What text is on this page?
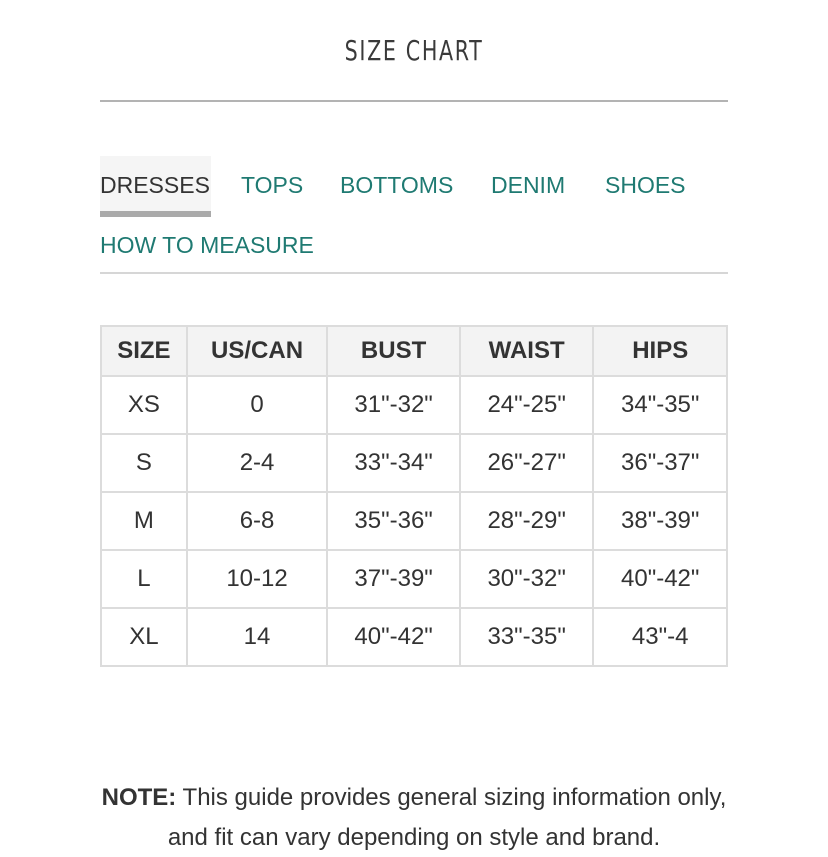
SIZE CHART
DRESSES TOPS BOTTOMS DENIM SHOES
HOW TO MEASURE
SIZE	US/CAN	BUST	WAIST	HIPS
XS	0	31"-32"	24"-25"	34"-35"
S	2-4	33"-34"	26"-27"	36"-37"
M	6-8	35"-36"	28"-29"	38"-39"
L	10-12	37"-39"	30"-32"	40"-42"
XL	14	40"-42"	33"-35"	43"-4
NOTE: This guide provides general sizing information only, and fit can vary depending on style and brand.
